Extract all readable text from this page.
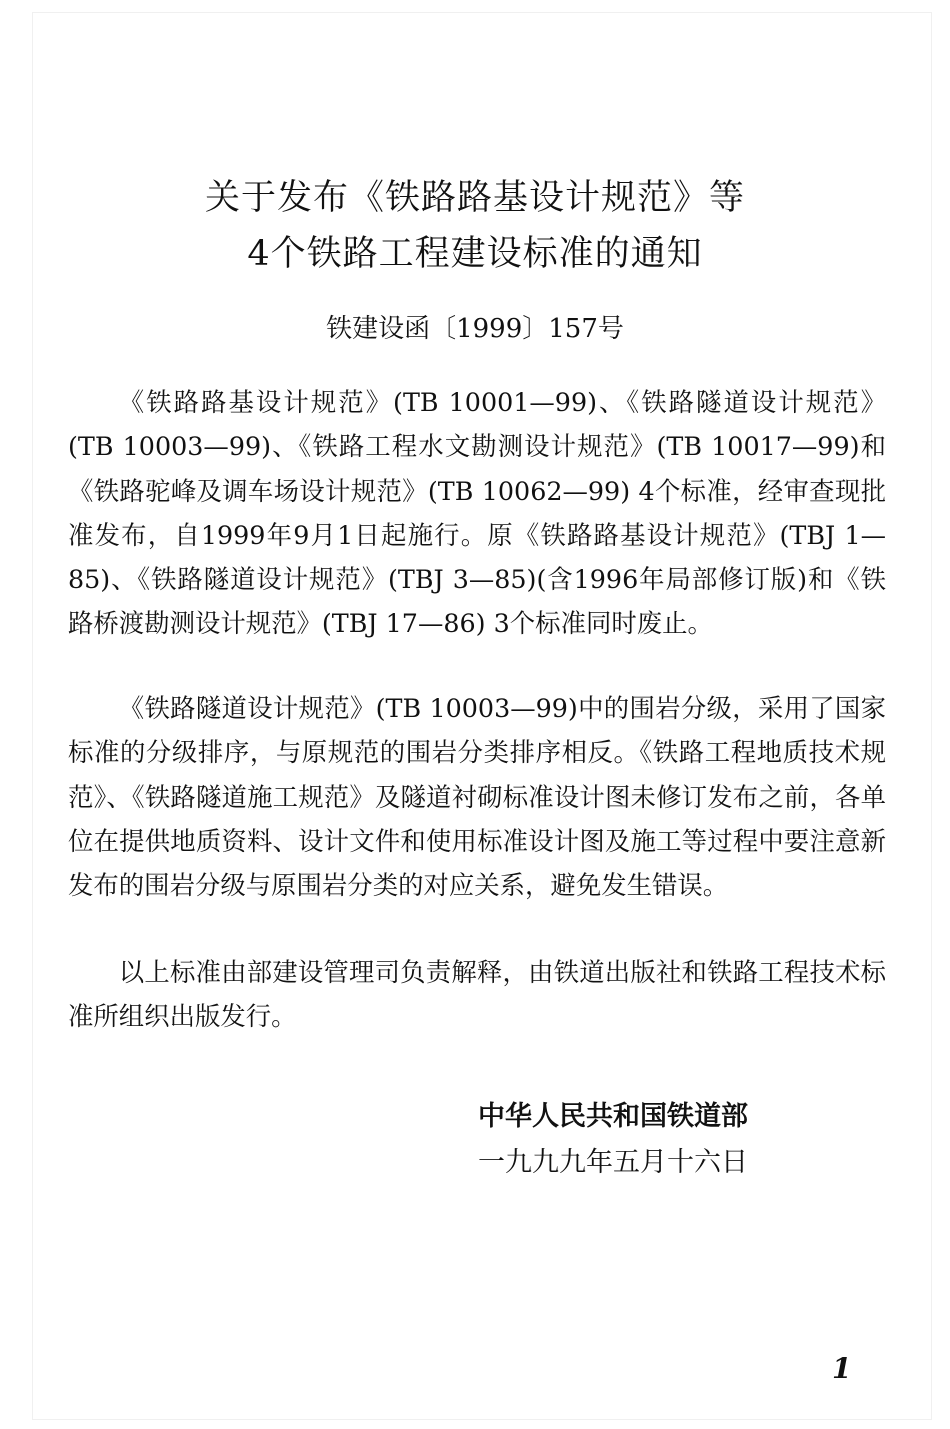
关于发布《铁路路基设计规范》等
4个铁路工程建设标准的通知
铁建设函〔1999〕157号

《铁路路基设计规范》(TB 10001—99)、《铁路隧道设计规范》(TB 10003—99)、《铁路工程水文勘测设计规范》(TB 10017—99)和《铁路驼峰及调车场设计规范》(TB 10062—99) 4个标准，经审查现批准发布，自1999年9月1日起施行。原《铁路路基设计规范》(TBJ 1—85)、《铁路隧道设计规范》(TBJ 3—85)(含1996年局部修订版)和《铁路桥渡勘测设计规范》(TBJ 17—86) 3个标准同时废止。

《铁路隧道设计规范》(TB 10003—99)中的围岩分级，采用了国家标准的分级排序，与原规范的围岩分类排序相反。《铁路工程地质技术规范》、《铁路隧道施工规范》及隧道衬砌标准设计图未修订发布之前，各单位在提供地质资料、设计文件和使用标准设计图及施工等过程中要注意新发布的围岩分级与原围岩分类的对应关系，避免发生错误。

以上标准由部建设管理司负责解释，由铁道出版社和铁路工程技术标准所组织出版发行。

中华人民共和国铁道部
一九九九年五月十六日
1
